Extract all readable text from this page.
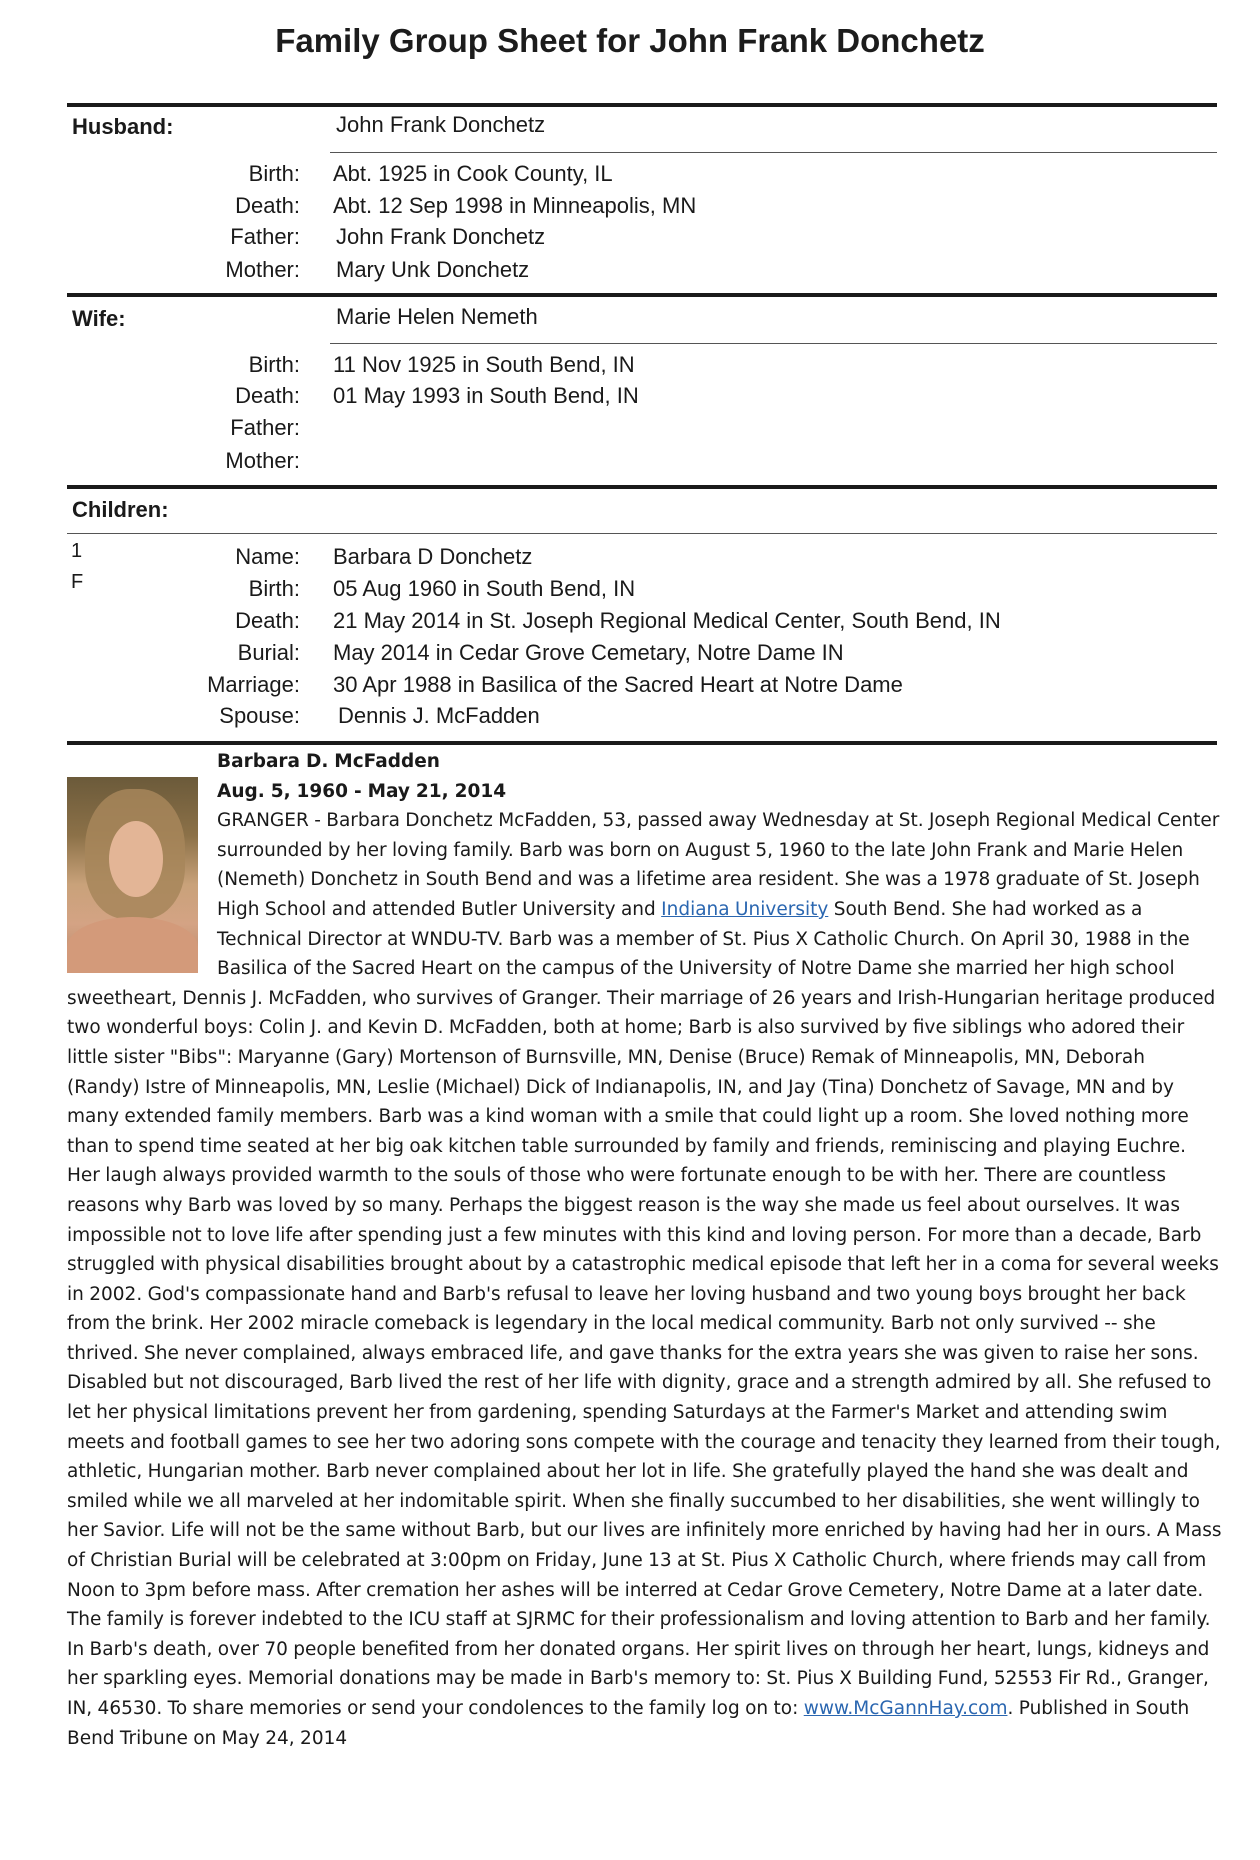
Family Group Sheet for John Frank Donchetz
Husband:	John Frank Donchetz
Birth: Abt. 1925 in Cook County, IL
Death: Abt. 12 Sep 1998 in Minneapolis, MN
Father: John Frank Donchetz
Mother: Mary Unk Donchetz
Wife:	Marie Helen Nemeth
Birth: 11 Nov 1925 in South Bend, IN
Death: 01 May 1993 in South Bend, IN
Father:
Mother:
Children:
1
F
Name: Barbara D Donchetz
Birth: 05 Aug 1960 in South Bend, IN
Death: 21 May 2014 in St. Joseph Regional Medical Center, South Bend, IN
Burial: May 2014 in Cedar Grove Cemetary, Notre Dame IN
Marriage: 30 Apr 1988 in Basilica of the Sacred Heart at Notre Dame
Spouse: Dennis J. McFadden
Barbara D. McFadden
Aug. 5, 1960 - May 21, 2014
GRANGER - Barbara Donchetz McFadden, 53, passed away Wednesday at St. Joseph Regional Medical Center surrounded by her loving family. Barb was born on August 5, 1960 to the late John Frank and Marie Helen (Nemeth) Donchetz in South Bend and was a lifetime area resident. She was a 1978 graduate of St. Joseph High School and attended Butler University and Indiana University South Bend. She had worked as a Technical Director at WNDU-TV. Barb was a member of St. Pius X Catholic Church. On April 30, 1988 in the Basilica of the Sacred Heart on the campus of the University of Notre Dame she married her high school sweetheart, Dennis J. McFadden, who survives of Granger. Their marriage of 26 years and Irish-Hungarian heritage produced two wonderful boys: Colin J. and Kevin D. McFadden, both at home; Barb is also survived by five siblings who adored their little sister "Bibs": Maryanne (Gary) Mortenson of Burnsville, MN, Denise (Bruce) Remak of Minneapolis, MN, Deborah (Randy) Istre of Minneapolis, MN, Leslie (Michael) Dick of Indianapolis, IN, and Jay (Tina) Donchetz of Savage, MN and by many extended family members. Barb was a kind woman with a smile that could light up a room. She loved nothing more than to spend time seated at her big oak kitchen table surrounded by family and friends, reminiscing and playing Euchre. Her laugh always provided warmth to the souls of those who were fortunate enough to be with her. There are countless reasons why Barb was loved by so many. Perhaps the biggest reason is the way she made us feel about ourselves. It was impossible not to love life after spending just a few minutes with this kind and loving person. For more than a decade, Barb struggled with physical disabilities brought about by a catastrophic medical episode that left her in a coma for several weeks in 2002. God's compassionate hand and Barb's refusal to leave her loving husband and two young boys brought her back from the brink. Her 2002 miracle comeback is legendary in the local medical community. Barb not only survived -- she thrived. She never complained, always embraced life, and gave thanks for the extra years she was given to raise her sons. Disabled but not discouraged, Barb lived the rest of her life with dignity, grace and a strength admired by all. She refused to let her physical limitations prevent her from gardening, spending Saturdays at the Farmer's Market and attending swim meets and football games to see her two adoring sons compete with the courage and tenacity they learned from their tough, athletic, Hungarian mother. Barb never complained about her lot in life. She gratefully played the hand she was dealt and smiled while we all marveled at her indomitable spirit. When she finally succumbed to her disabilities, she went willingly to her Savior. Life will not be the same without Barb, but our lives are infinitely more enriched by having had her in ours. A Mass of Christian Burial will be celebrated at 3:00pm on Friday, June 13 at St. Pius X Catholic Church, where friends may call from Noon to 3pm before mass. After cremation her ashes will be interred at Cedar Grove Cemetery, Notre Dame at a later date. The family is forever indebted to the ICU staff at SJRMC for their professionalism and loving attention to Barb and her family. In Barb's death, over 70 people benefited from her donated organs. Her spirit lives on through her heart, lungs, kidneys and her sparkling eyes. Memorial donations may be made in Barb's memory to: St. Pius X Building Fund, 52553 Fir Rd., Granger, IN, 46530. To share memories or send your condolences to the family log on to: www.McGannHay.com. Published in South Bend Tribune on May 24, 2014
